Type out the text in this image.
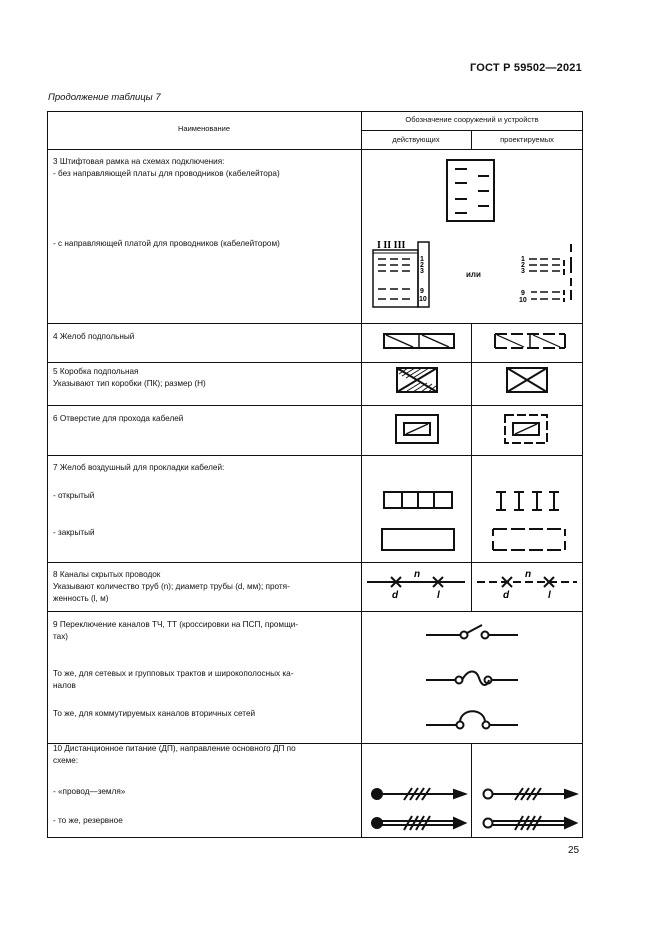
ГОСТ Р 59502—2021
Продолжение таблицы 7
Наименование
Обозначение сооружений и устройств
действующих	проектируемых
3 Штифтовая рамка на схемах подключения:
- без направляющей платы для проводников (кабелейтора)
- с направляющей платой для проводников (кабелейтором)	I II III
1
2
3
9
10
или
1
2
3
9
10
4 Желоб подпольный
5 Коробка подпольная
Указывают тип коробки (ПК); размер (Н)
6 Отверстие для прохода кабелей
7 Желоб воздушный для прокладки кабелей:
- открытый
- закрытый
8 Каналы скрытых проводок
Указывают количество труб (n); диаметр трубы (d, мм); протя-
женность (l, м)
n
d	l
n
d	l
9 Переключение каналов ТЧ, ТТ (кроссировки на ПСП, промщи-
тах)
То же, для сетевых и групповых трактов и широкополосных ка-
налов
То же, для коммутируемых каналов вторичных сетей
10 Дистанционное питание (ДП), направление основного ДП по
схеме:
- «провод—земля»
- то же, резервное
25
